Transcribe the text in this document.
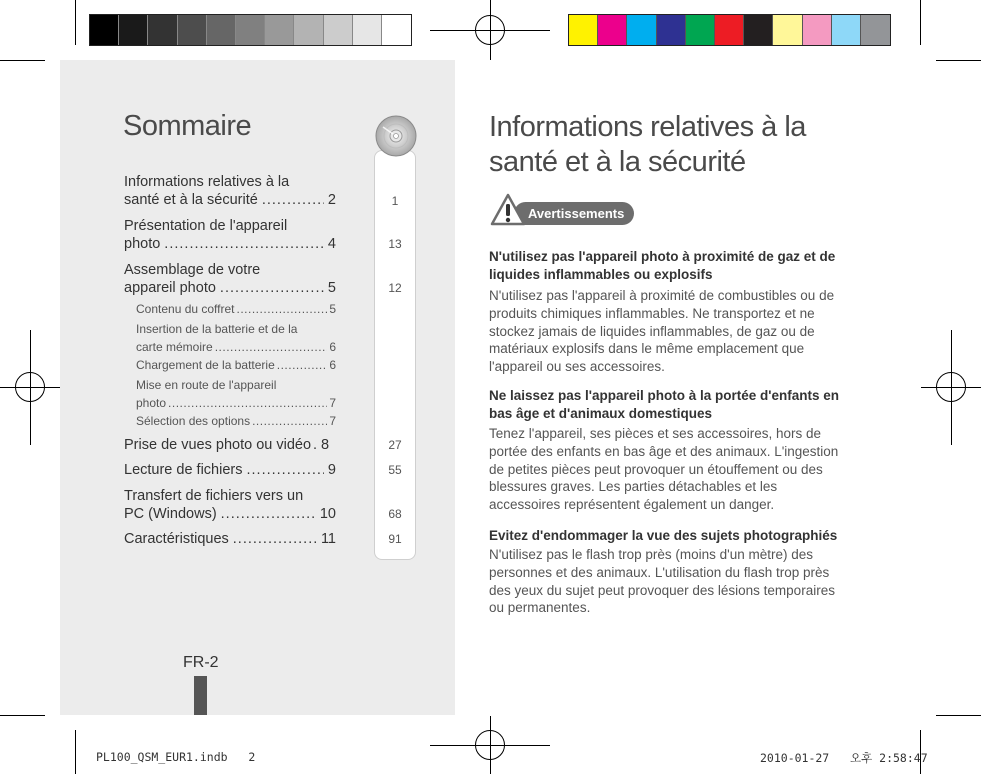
Sommaire
Informations relatives à la
santé et à la sécurité .....	2	1
Présentation de l'appareil
photo .....	4	13
Assemblage de votre
appareil photo .....	5	12
Contenu du coffret .....	5
Insertion de la batterie et de la
carte mémoire .....	6
Chargement de la batterie .....	6
Mise en route de l'appareil
photo .....	7
Sélection des options .....	7
Prise de vues photo ou vidéo ..... 8	27
Lecture de fichiers .....	9	55
Transfert de fichiers vers un
PC (Windows) .....	10	68
Caractéristiques .....	11	91
FR-2
Informations relatives à la
santé et à la sécurité
Avertissements
N'utilisez pas l'appareil photo à proximité de gaz et de liquides inflammables ou explosifs
N'utilisez pas l'appareil à proximité de combustibles ou de produits chimiques inflammables. Ne transportez et ne stockez jamais de liquides inflammables, de gaz ou de matériaux explosifs dans le même emplacement que l'appareil ou ses accessoires.
Ne laissez pas l'appareil photo à la portée d'enfants en bas âge et d'animaux domestiques
Tenez l'appareil, ses pièces et ses accessoires, hors de portée des enfants en bas âge et des animaux. L'ingestion de petites pièces peut provoquer un étouffement ou des blessures graves. Les parties détachables et les accessoires représentent également un danger.
Evitez d'endommager la vue des sujets photographiés
N'utilisez pas le flash trop près (moins d'un mètre) des personnes et des animaux. L'utilisation du flash trop près des yeux du sujet peut provoquer des lésions temporaires ou permanentes.
PL100_QSM_EUR1.indb   2	2010-01-27   오후 2:58:47
